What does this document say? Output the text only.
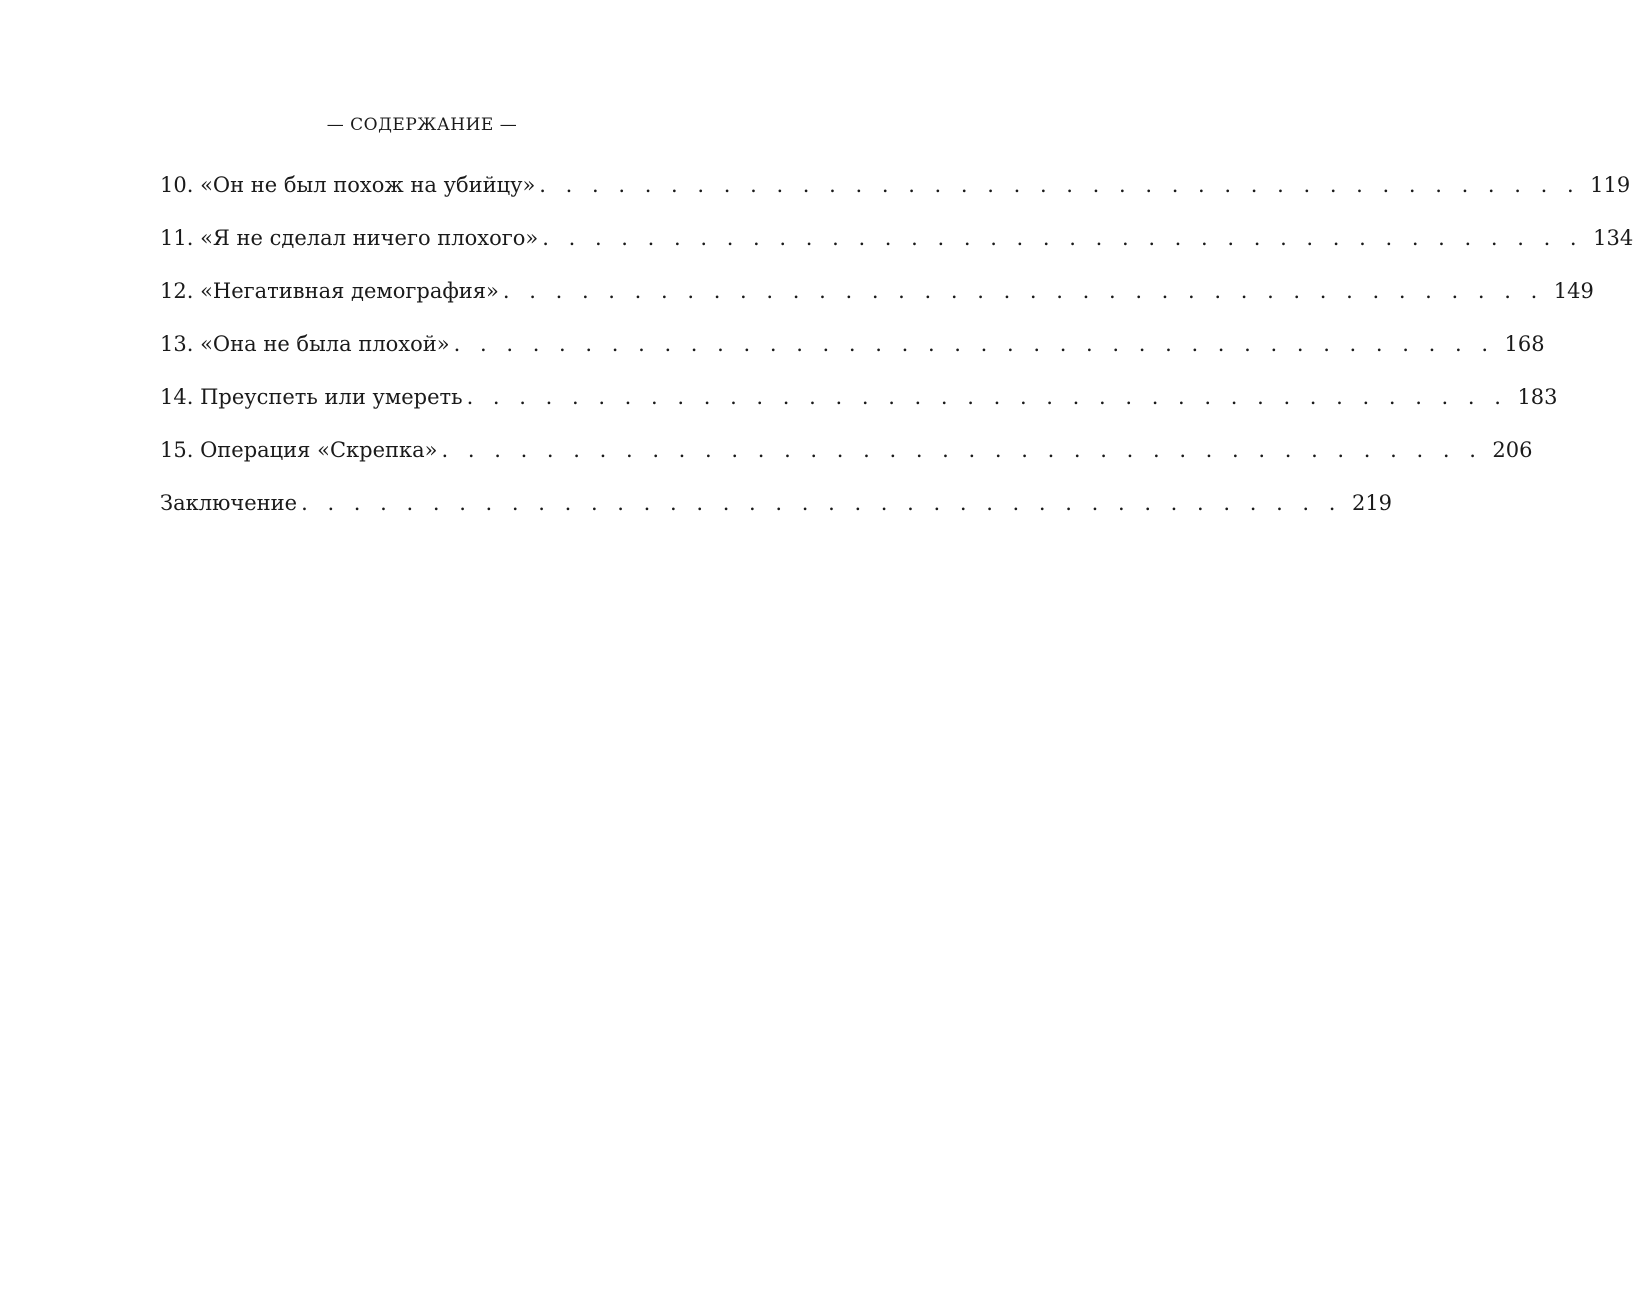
— СОДЕРЖАНИЕ —
10. «Он не был похож на убийцу» . . . . . . . . . . . . . . . . . . . . . . . . . . . . . . . . . . . . . . . . 119
11. «Я не сделал ничего плохого» . . . . . . . . . . . . . . . . . . . . . . . . . . . . . . . . . . . . . . . . 134
12. «Негативная демография» . . . . . . . . . . . . . . . . . . . . . . . . . . . . . . . . . . . . . . . . 149
13. «Она не была плохой» . . . . . . . . . . . . . . . . . . . . . . . . . . . . . . . . . . . . . . . . 168
14. Преуспеть или умереть . . . . . . . . . . . . . . . . . . . . . . . . . . . . . . . . . . . . . . . . 183
15. Операция «Скрепка» . . . . . . . . . . . . . . . . . . . . . . . . . . . . . . . . . . . . . . . . 206
Заключение . . . . . . . . . . . . . . . . . . . . . . . . . . . . . . . . . . . . . . . . 219
